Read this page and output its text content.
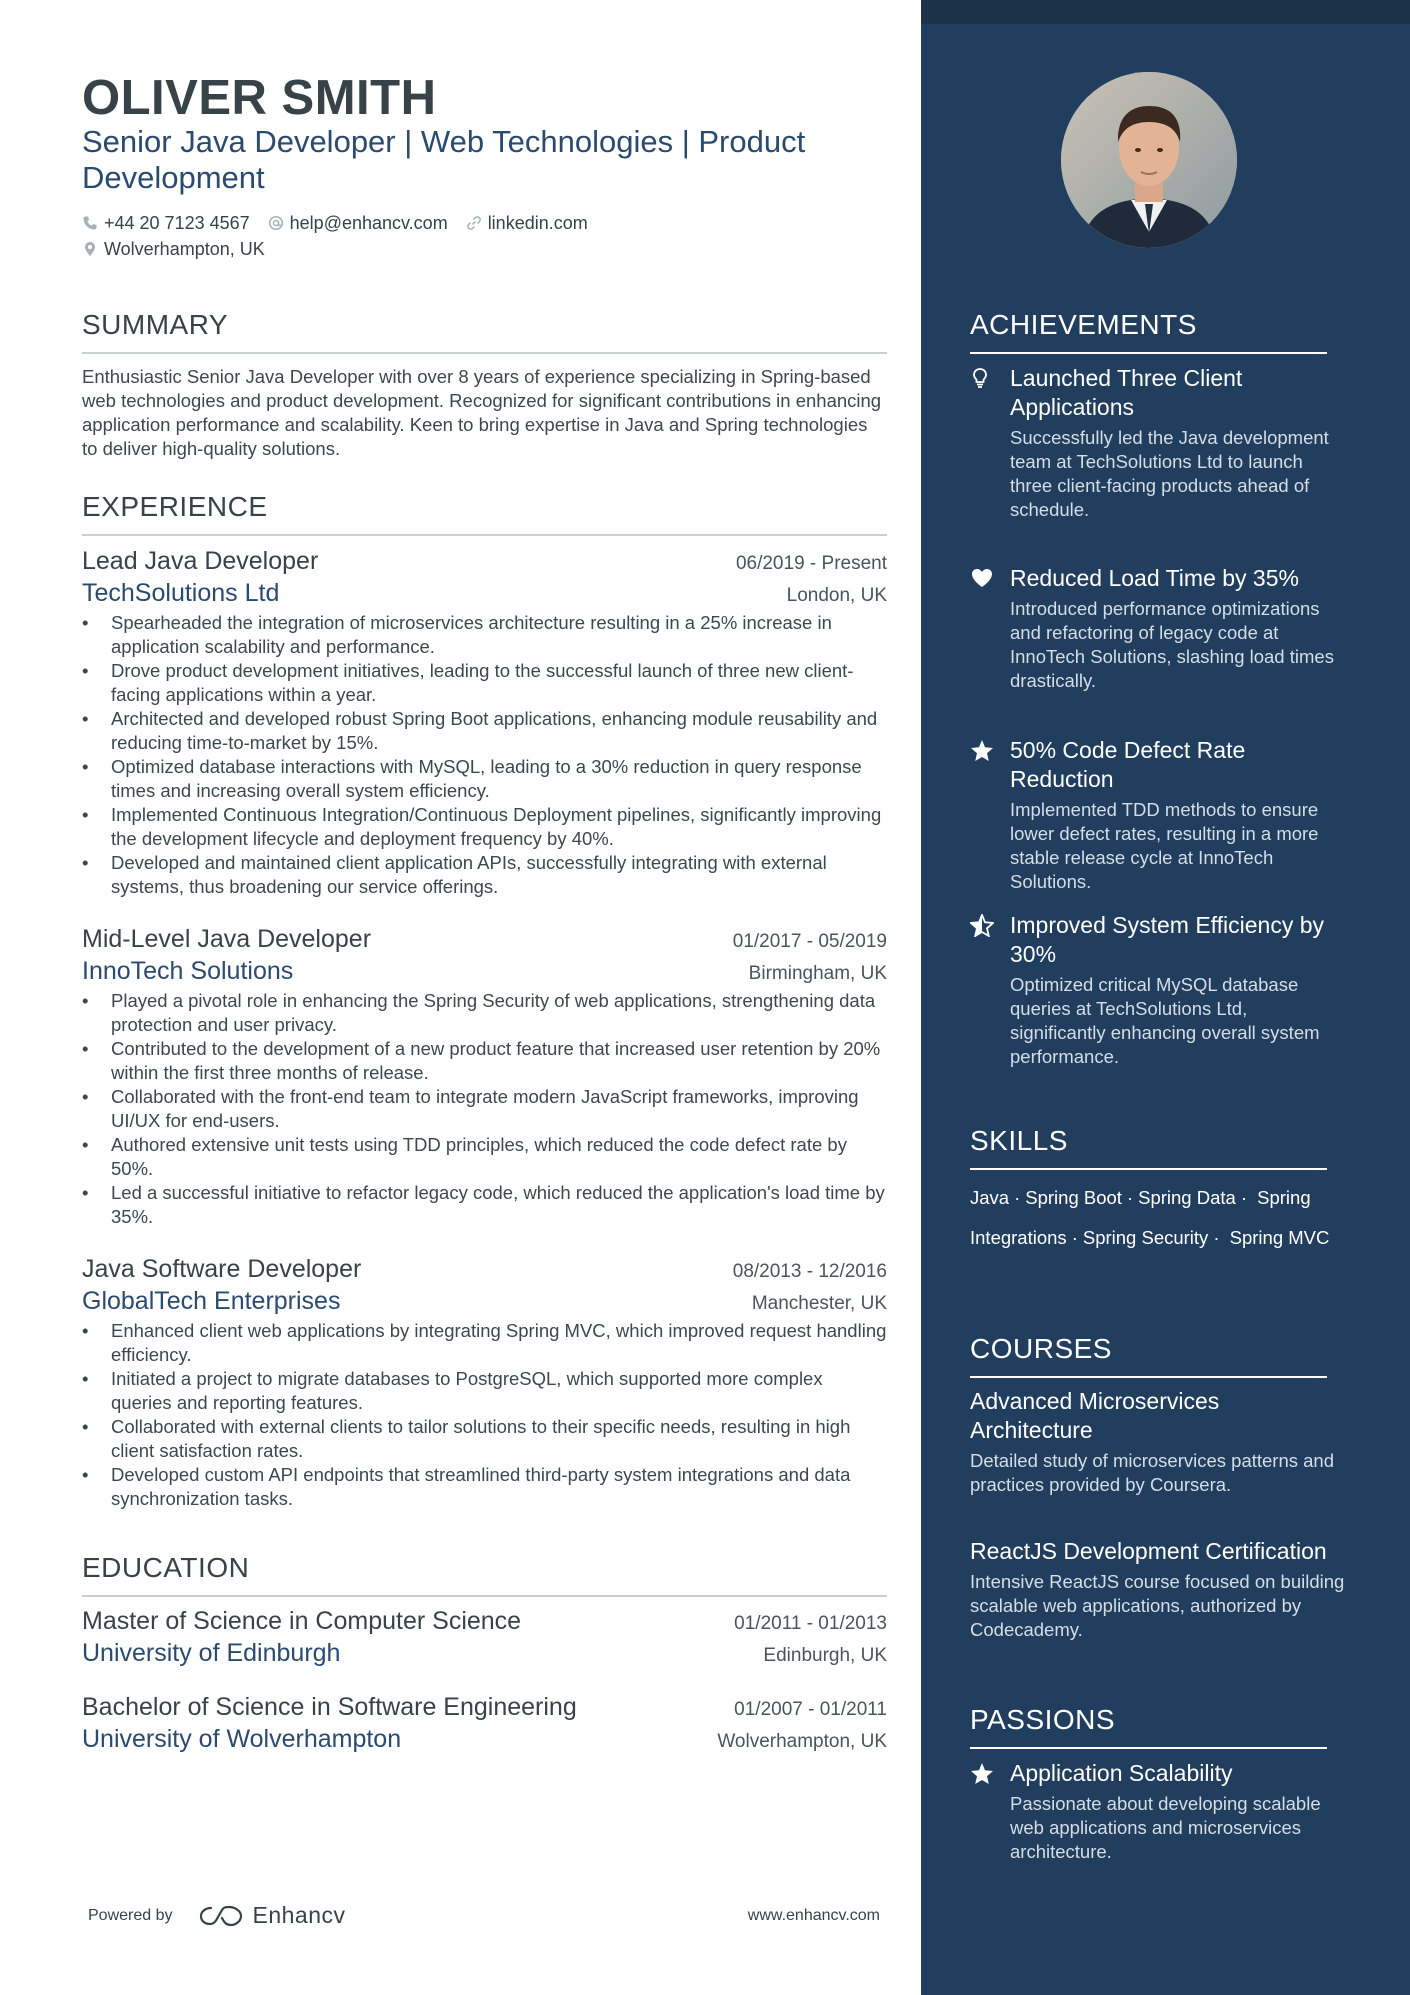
OLIVER SMITH
Senior Java Developer | Web Technologies | Product Development
+44 20 7123 4567 help@enhancv.com linkedin.com
Wolverhampton, UK
SUMMARY
Enthusiastic Senior Java Developer with over 8 years of experience specializing in Spring-based web technologies and product development. Recognized for significant contributions in enhancing application performance and scalability. Keen to bring expertise in Java and Spring technologies to deliver high-quality solutions.
EXPERIENCE
Lead Java Developer	06/2019 - Present
TechSolutions Ltd	London, UK
• Spearheaded the integration of microservices architecture resulting in a 25% increase in application scalability and performance.
• Drove product development initiatives, leading to the successful launch of three new client-facing applications within a year.
• Architected and developed robust Spring Boot applications, enhancing module reusability and reducing time-to-market by 15%.
• Optimized database interactions with MySQL, leading to a 30% reduction in query response times and increasing overall system efficiency.
• Implemented Continuous Integration/Continuous Deployment pipelines, significantly improving the development lifecycle and deployment frequency by 40%.
• Developed and maintained client application APIs, successfully integrating with external systems, thus broadening our service offerings.
Mid-Level Java Developer	01/2017 - 05/2019
InnoTech Solutions	Birmingham, UK
• Played a pivotal role in enhancing the Spring Security of web applications, strengthening data protection and user privacy.
• Contributed to the development of a new product feature that increased user retention by 20% within the first three months of release.
• Collaborated with the front-end team to integrate modern JavaScript frameworks, improving UI/UX for end-users.
• Authored extensive unit tests using TDD principles, which reduced the code defect rate by 50%.
• Led a successful initiative to refactor legacy code, which reduced the application's load time by 35%.
Java Software Developer	08/2013 - 12/2016
GlobalTech Enterprises	Manchester, UK
• Enhanced client web applications by integrating Spring MVC, which improved request handling efficiency.
• Initiated a project to migrate databases to PostgreSQL, which supported more complex queries and reporting features.
• Collaborated with external clients to tailor solutions to their specific needs, resulting in high client satisfaction rates.
• Developed custom API endpoints that streamlined third-party system integrations and data synchronization tasks.
EDUCATION
Master of Science in Computer Science	01/2011 - 01/2013
University of Edinburgh	Edinburgh, UK
Bachelor of Science in Software Engineering	01/2007 - 01/2011
University of Wolverhampton	Wolverhampton, UK
Powered by	Enhancv	www.enhancv.com
ACHIEVEMENTS
Launched Three Client Applications
Successfully led the Java development team at TechSolutions Ltd to launch three client-facing products ahead of schedule.
Reduced Load Time by 35%
Introduced performance optimizations and refactoring of legacy code at InnoTech Solutions, slashing load times drastically.
50% Code Defect Rate Reduction
Implemented TDD methods to ensure lower defect rates, resulting in a more stable release cycle at InnoTech Solutions.
Improved System Efficiency by 30%
Optimized critical MySQL database queries at TechSolutions Ltd, significantly enhancing overall system performance.
SKILLS
Java · Spring Boot · Spring Data · Spring Integrations · Spring Security · Spring MVC
COURSES
Advanced Microservices Architecture
Detailed study of microservices patterns and practices provided by Coursera.
ReactJS Development Certification
Intensive ReactJS course focused on building scalable web applications, authorized by Codecademy.
PASSIONS
Application Scalability
Passionate about developing scalable web applications and microservices architecture.
